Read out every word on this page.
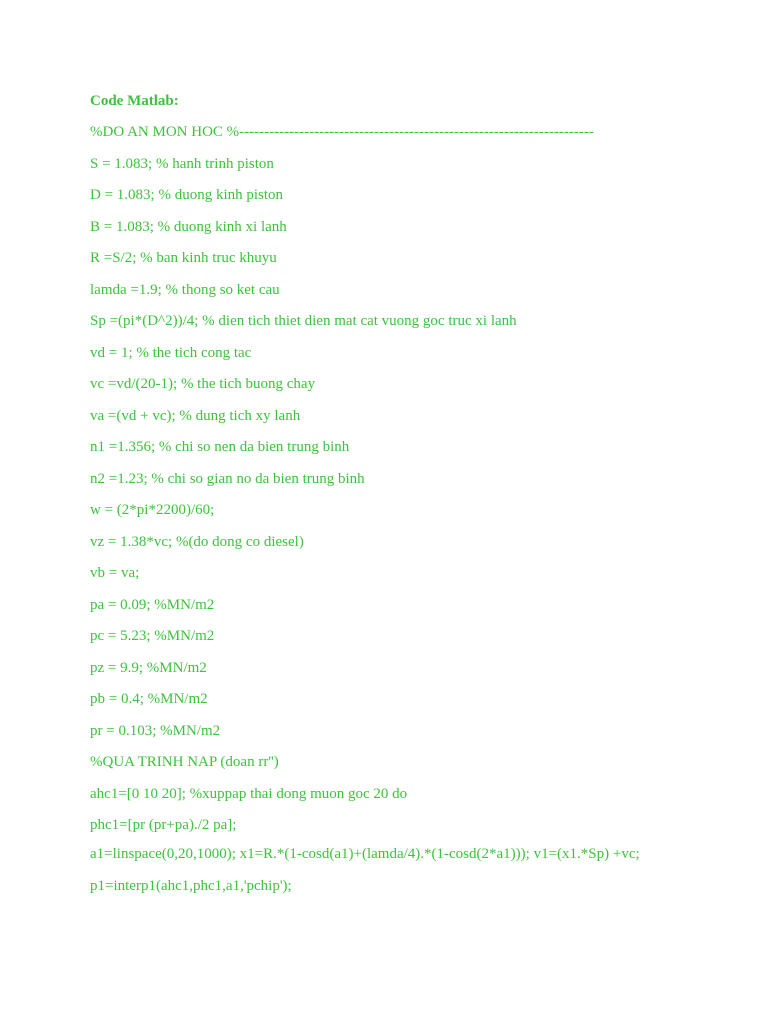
Code Matlab:
%DO AN MON HOC %-----------------------------------------------------------------------
S = 1.083; % hanh trinh piston
D = 1.083; % duong kinh piston
B = 1.083; % duong kinh xi lanh
R =S/2; % ban kinh truc khuyu
lamda =1.9; % thong so ket cau
Sp =(pi*(D^2))/4; % dien tich thiet dien mat cat vuong goc truc xi lanh
vd = 1; % the tich cong tac
vc =vd/(20-1); % the tich buong chay
va =(vd + vc); % dung tich xy lanh
n1 =1.356; % chi so nen da bien trung binh
n2 =1.23; % chi so gian no da bien trung binh
w = (2*pi*2200)/60;
vz = 1.38*vc; %(do dong co diesel)
vb = va;
pa = 0.09; %MN/m2
pc = 5.23; %MN/m2
pz = 9.9; %MN/m2
pb = 0.4; %MN/m2
pr = 0.103; %MN/m2
%QUA TRINH NAP (doan rr'')
ahc1=[0 10 20]; %xuppap thai dong muon goc 20 do
phc1=[pr (pr+pa)./2 pa];
a1=linspace(0,20,1000); x1=R.*(1-cosd(a1)+(lamda/4).*(1-cosd(2*a1))); v1=(x1.*Sp) +vc;
p1=interp1(ahc1,phc1,a1,'pchip');
